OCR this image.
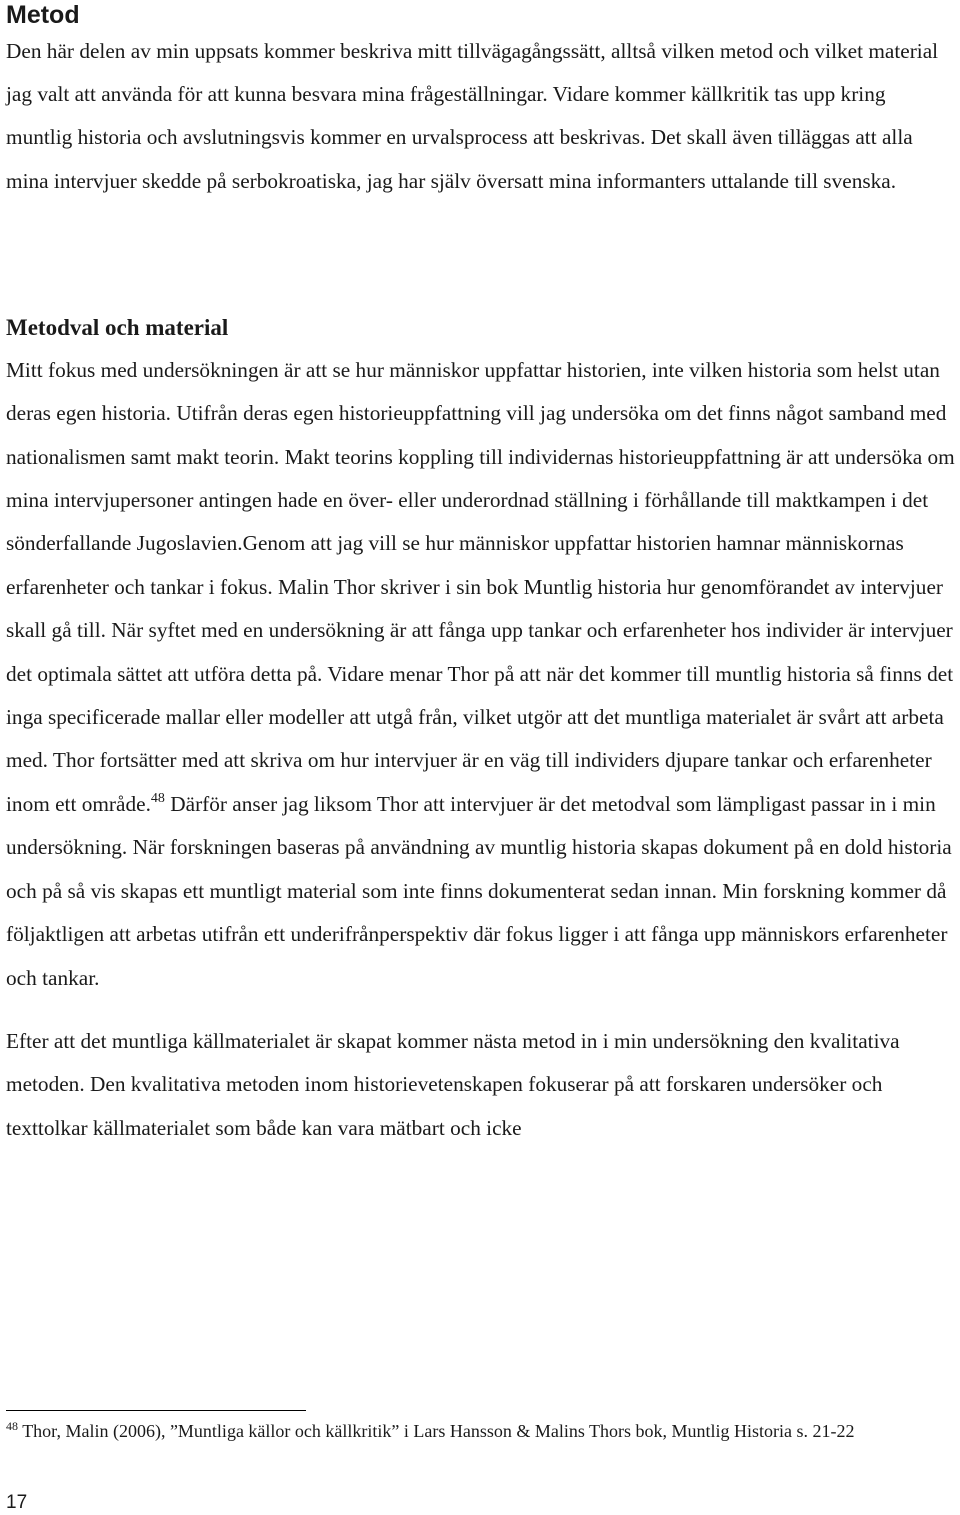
Metod

Den här delen av min uppsats kommer beskriva mitt tillvägagångssätt, alltså vilken metod och vilket material jag valt att använda för att kunna besvara mina frågeställningar. Vidare kommer källkritik tas upp kring muntlig historia och avslutningsvis kommer en urvalsprocess att beskrivas. Det skall även tilläggas att alla mina intervjuer skedde på serbokroatiska, jag har själv översatt mina informanters uttalande till svenska.

Metodval och material

Mitt fokus med undersökningen är att se hur människor uppfattar historien, inte vilken historia som helst utan deras egen historia. Utifrån deras egen historieuppfattning vill jag undersöka om det finns något samband med nationalismen samt makt teorin. Makt teorins koppling till individernas historieuppfattning är att undersöka om mina intervjupersoner antingen hade en över- eller underordnad ställning i förhållande till maktkampen i det sönderfallande Jugoslavien.Genom att jag vill se hur människor uppfattar historien hamnar människornas erfarenheter och tankar i fokus. Malin Thor skriver i sin bok Muntlig historia hur genomförandet av intervjuer skall gå till. När syftet med en undersökning är att fånga upp tankar och erfarenheter hos individer är intervjuer det optimala sättet att utföra detta på. Vidare menar Thor på att när det kommer till muntlig historia så finns det inga specificerade mallar eller modeller att utgå från, vilket utgör att det muntliga materialet är svårt att arbeta med. Thor fortsätter med att skriva om hur intervjuer är en väg till individers djupare tankar och erfarenheter inom ett område.$^{48}$ Därför anser jag liksom Thor att intervjuer är det metodval som lämpligast passar in i min undersökning. När forskningen baseras på användning av muntlig historia skapas dokument på en dold historia och på så vis skapas ett muntligt material som inte finns dokumenterat sedan innan. Min forskning kommer då följaktligen att arbetas utifrån ett underifrånperspektiv där fokus ligger i att fånga upp människors erfarenheter och tankar.

Efter att det muntliga källmaterialet är skapat kommer nästa metod in i min undersökning den kvalitativa metoden. Den kvalitativa metoden inom historievetenskapen fokuserar på att forskaren undersöker och texttolkar källmaterialet som både kan vara mätbart och icke

$^{48}$ Thor, Malin (2006), ”Muntliga källor och källkritik” i Lars Hansson & Malins Thors bok, Muntlig Historia s. 21-22
17
